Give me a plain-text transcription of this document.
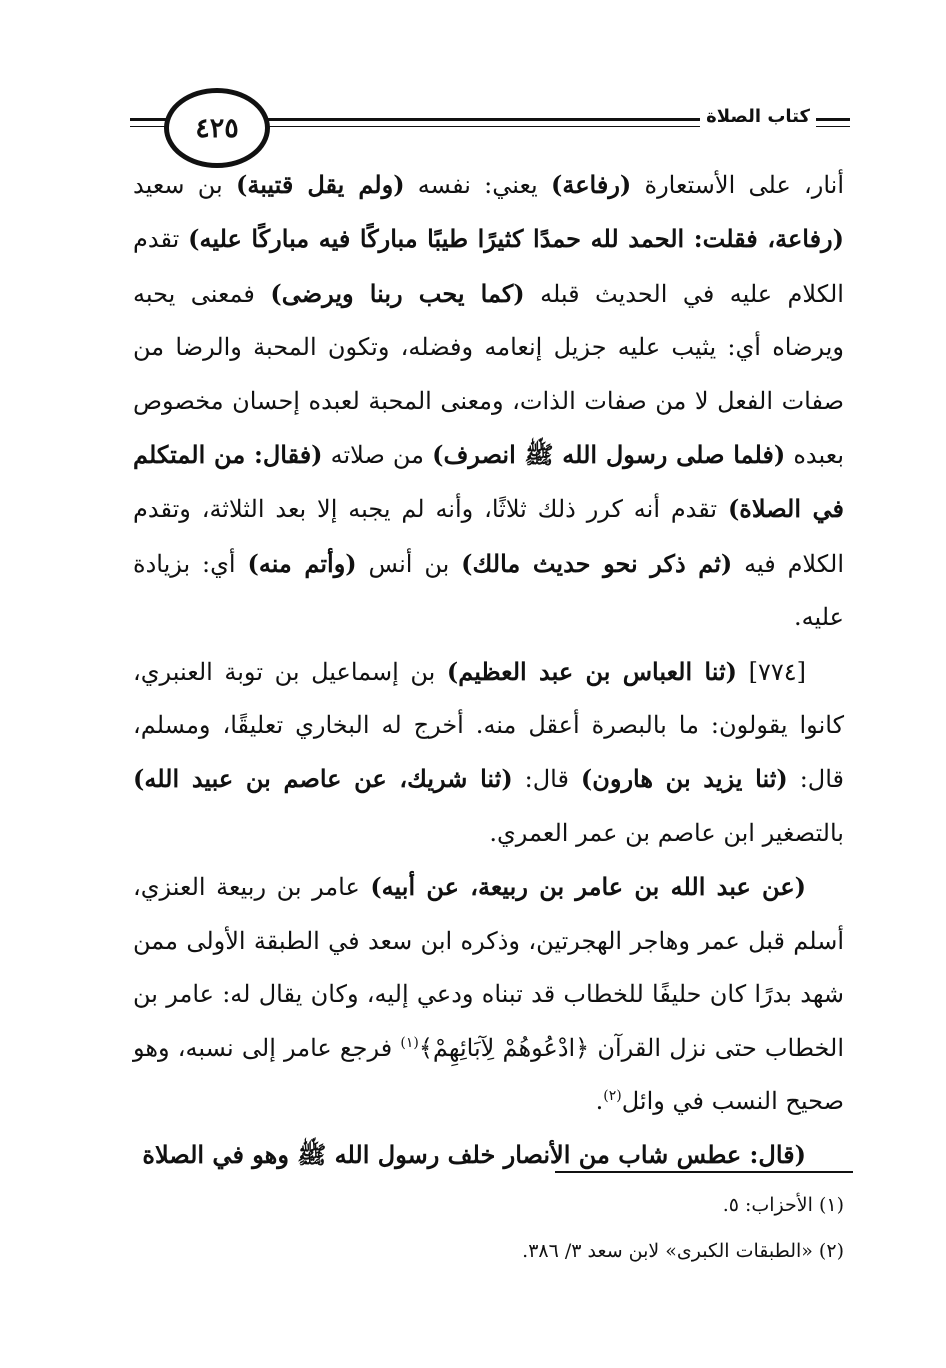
٤٢٥	كتاب الصلاة

أنار، على الأستعارة (رفاعة) يعني: نفسه (ولم يقل قتيبة) بن سعيد (رفاعة، فقلت: الحمد لله حمدًا كثيرًا طيبًا مباركًا فيه مباركًا عليه) تقدم الكلام عليه في الحديث قبله (كما يحب ربنا ويرضى) فمعنى يحبه ويرضاه أي: يثيب عليه جزيل إنعامه وفضله، وتكون المحبة والرضا من صفات الفعل لا من صفات الذات، ومعنى المحبة لعبده إحسان مخصوص بعبده (فلما صلى رسول الله ﷺ انصرف) من صلاته (فقال: من المتكلم في الصلاة) تقدم أنه كرر ذلك ثلاثًا، وأنه لم يجبه إلا بعد الثلاثة، وتقدم الكلام فيه (ثم ذكر نحو حديث مالك) بن أنس (وأتم منه) أي: بزيادة عليه.

[٧٧٤] (ثنا العباس بن عبد العظيم) بن إسماعيل بن توبة العنبري، كانوا يقولون: ما بالبصرة أعقل منه. أخرج له البخاري تعليقًا، ومسلم، قال: (ثنا يزيد بن هارون) قال: (ثنا شريك، عن عاصم بن عبيد الله) بالتصغير ابن عاصم بن عمر العمري.

(عن عبد الله بن عامر بن ربيعة، عن أبيه) عامر بن ربيعة العنزي، أسلم قبل عمر وهاجر الهجرتين، وذكره ابن سعد في الطبقة الأولى ممن شهد بدرًا كان حليفًا للخطاب قد تبناه ودعي إليه، وكان يقال له: عامر بن الخطاب حتى نزل القرآن ﴿ادْعُوهُمْ لِآبَائِهِمْ﴾$^{(١)}$ فرجع عامر إلى نسبه، وهو صحيح النسب في وائل$^{(٢)}$.

(قال: عطس شاب من الأنصار خلف رسول الله ﷺ وهو في الصلاة

(١) الأحزاب: ٥.

(٢) «الطبقات الكبرى» لابن سعد ٣/ ٣٨٦.
